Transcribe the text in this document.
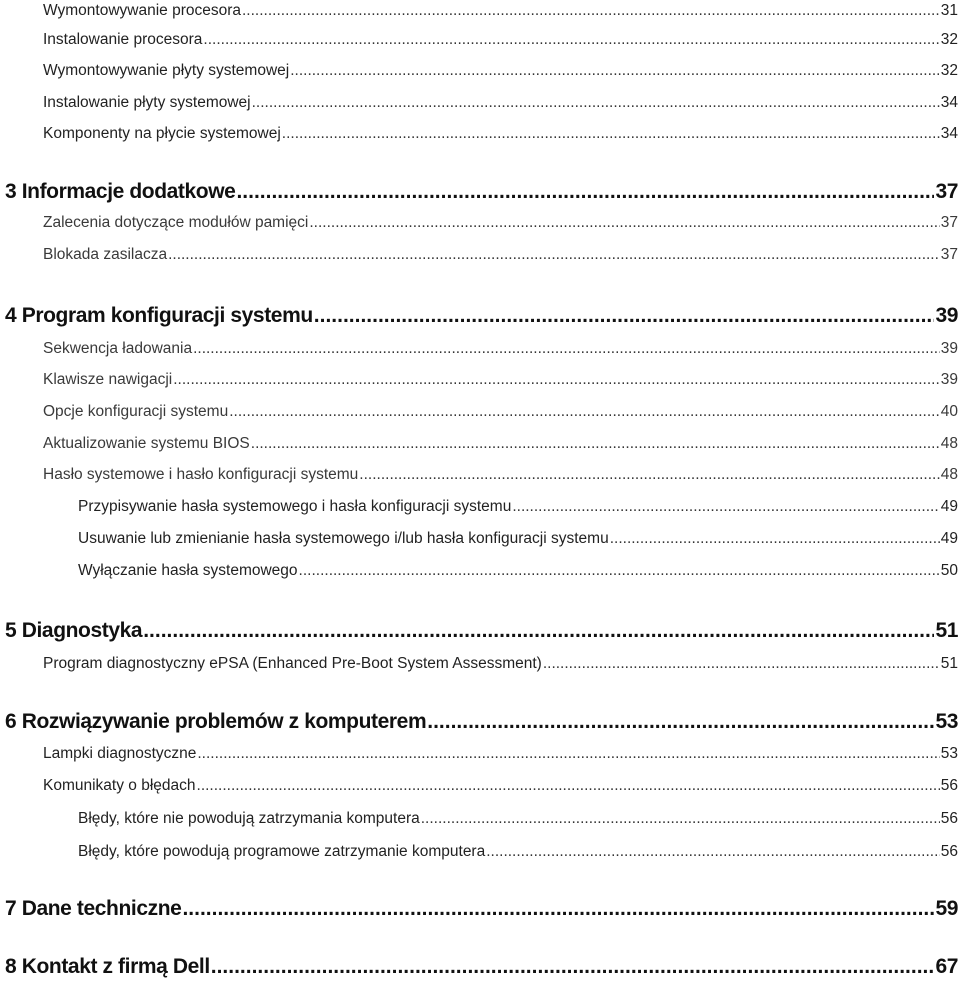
Wymontowywanie procesora .....	31
Instalowanie procesora .....	32
Wymontowywanie płyty systemowej .....	32
Instalowanie płyty systemowej .....	34
Komponenty na płycie systemowej .....	34
3 Informacje dodatkowe .....	37
Zalecenia dotyczące modułów pamięci .....	37
Blokada zasilacza .....	37
4 Program konfiguracji systemu .....	39
Sekwencja ładowania .....	39
Klawisze nawigacji .....	39
Opcje konfiguracji systemu .....	40
Aktualizowanie systemu BIOS .....	48
Hasło systemowe i hasło konfiguracji systemu .....	48
Przypisywanie hasła systemowego i hasła konfiguracji systemu .....	49
Usuwanie lub zmienianie hasła systemowego i/lub hasła konfiguracji systemu .....	49
Wyłączanie hasła systemowego .....	50
5 Diagnostyka .....	51
Program diagnostyczny ePSA (Enhanced Pre-Boot System Assessment) .....	51
6 Rozwiązywanie problemów z komputerem .....	53
Lampki diagnostyczne .....	53
Komunikaty o błędach .....	56
Błędy, które nie powodują zatrzymania komputera .....	56
Błędy, które powodują programowe zatrzymanie komputera .....	56
7 Dane techniczne .....	59
8 Kontakt z firmą Dell .....	67
